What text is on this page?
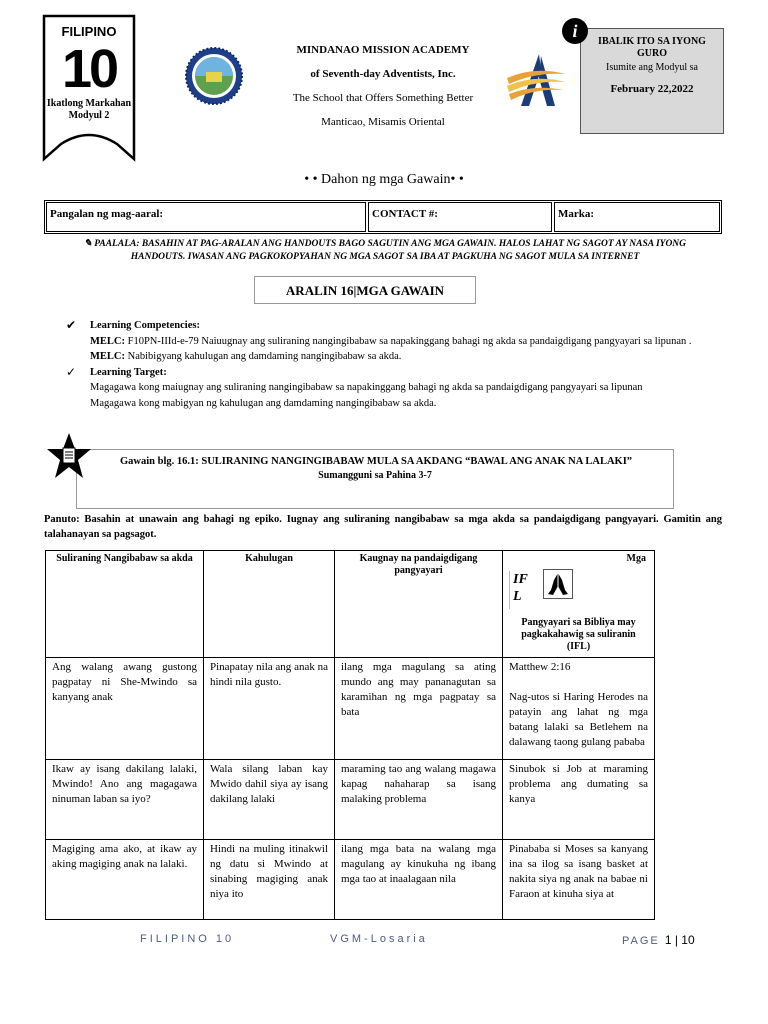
FILIPINO
10
Ikatlong Markahan
Modyul 2
MINDANAO MISSION ACADEMY
of Seventh-day Adventists, Inc.
The School that Offers Something Better
Manticao, Misamis Oriental
IBALIK ITO SA IYONG GURO
Isumite ang Modyul sa
February 22,2022
i
• • Dahon ng mga Gawain• •
Pangalan ng mag-aaral:	CONTACT #:	Marka:
✎ PAALALA: BASAHIN AT PAG-ARALAN ANG HANDOUTS BAGO SAGUTIN ANG MGA GAWAIN. HALOS LAHAT NG SAGOT AY NASA IYONG HANDOUTS. IWASAN ANG PAGKOKOPYAHAN NG MGA SAGOT SA IBA AT PAGKUHA NG SAGOT MULA SA INTERNET
ARALIN 16|MGA GAWAIN
✔ Learning Competencies:
MELC: F10PN-IIId-e-79 Naiuugnay ang suliraning nangingibabaw sa napakinggang bahagi ng akda sa pandaigdigang pangyayari sa lipunan .
MELC: Nabibigyang kahulugan ang damdaming nangingibabaw sa akda.
✓ Learning Target:
Magagawa kong maiugnay ang suliraning nangingibabaw sa napakinggang bahagi ng akda sa pandaigdigang pangyayari sa lipunan
Magagawa kong mabigyan ng kahulugan ang damdaming nangingibabaw sa akda.
Gawain blg. 16.1: SULIRANING NANGINGIBABAW MULA SA AKDANG “BAWAL ANG ANAK NA LALAKI”
Sumangguni sa Pahina 3-7
Panuto: Basahin at unawain ang bahagi ng epiko. Iugnay ang suliraning nangibabaw sa mga akda sa pandaigdigang pangyayari. Gamitin ang talahanayan sa pagsagot.
Suliraning Nangibabaw sa akda	Kahulugan	Kaugnay na pandaigdigang pangyayari	Mga
IF
L
Pangyayari sa Bibliya may pagkakahawig sa suliranin (IFL)

Ang walang awang gustong pagpatay ni She-Mwindo sa kanyang anak	Pinapatay nila ang anak na hindi nila gusto.	ilang mga magulang sa ating mundo ang may pananagutan sa karamihan ng mga pagpatay sa bata	Matthew 2:16

Nag-utos si Haring Herodes na patayin ang lahat ng mga batang lalaki sa Betlehem na dalawang taong gulang pababa
Ikaw ay isang dakilang lalaki, Mwindo! Ano ang magagawa ninuman laban sa iyo?	Wala silang laban kay Mwido dahil siya ay isang dakilang lalaki	maraming tao ang walang magawa kapag nahaharap sa isang malaking problema	Sinubok si Job at maraming problema ang dumating sa kanya
Magiging ama ako, at ikaw ay aking magiging anak na lalaki.	Hindi na muling itinakwil ng datu si Mwindo at sinabing magiging anak niya ito	ilang mga bata na walang mga magulang ay kinukuha ng ibang mga tao at inaalagaan nila	Pinababa si Moses sa kanyang ina sa ilog sa isang basket at nakita siya ng anak na babae ni Faraon at kinuha siya at
FILIPINO 10	VGM-Losaria	PAGE 1 | 10
